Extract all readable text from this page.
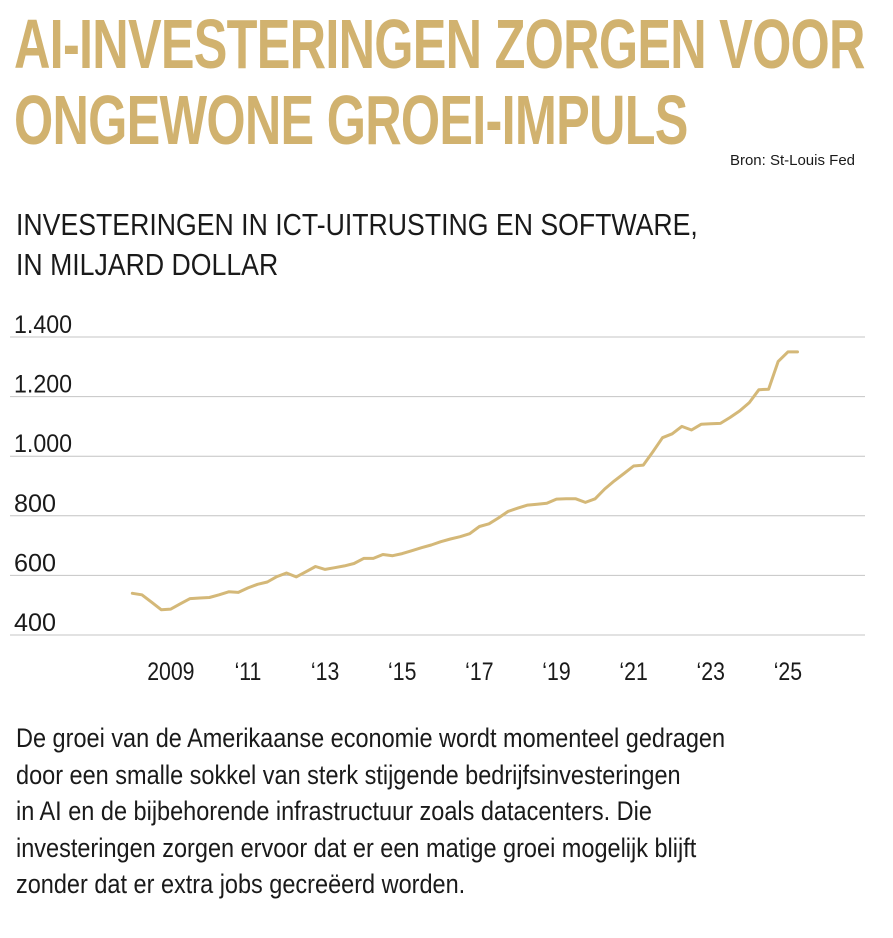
AI-INVESTERINGEN ZORGEN VOOR
ONGEWONE GROEI-IMPULS
Bron: St-Louis Fed
INVESTERINGEN IN ICT-UITRUSTING EN SOFTWARE,
IN MILJARD DOLLAR
400
600
800
1.000
1.200
1.400
2009 ‘11 ‘13 ‘15 ‘17 ‘19 ‘21 ‘23 ‘25

De groei van de Amerikaanse economie wordt momenteel gedragen
door een smalle sokkel van sterk stijgende bedrijfsinvesteringen
in AI en de bijbehorende infrastructuur zoals datacenters. Die
investeringen zorgen ervoor dat er een matige groei mogelijk blijft
zonder dat er extra jobs gecreëerd worden.
